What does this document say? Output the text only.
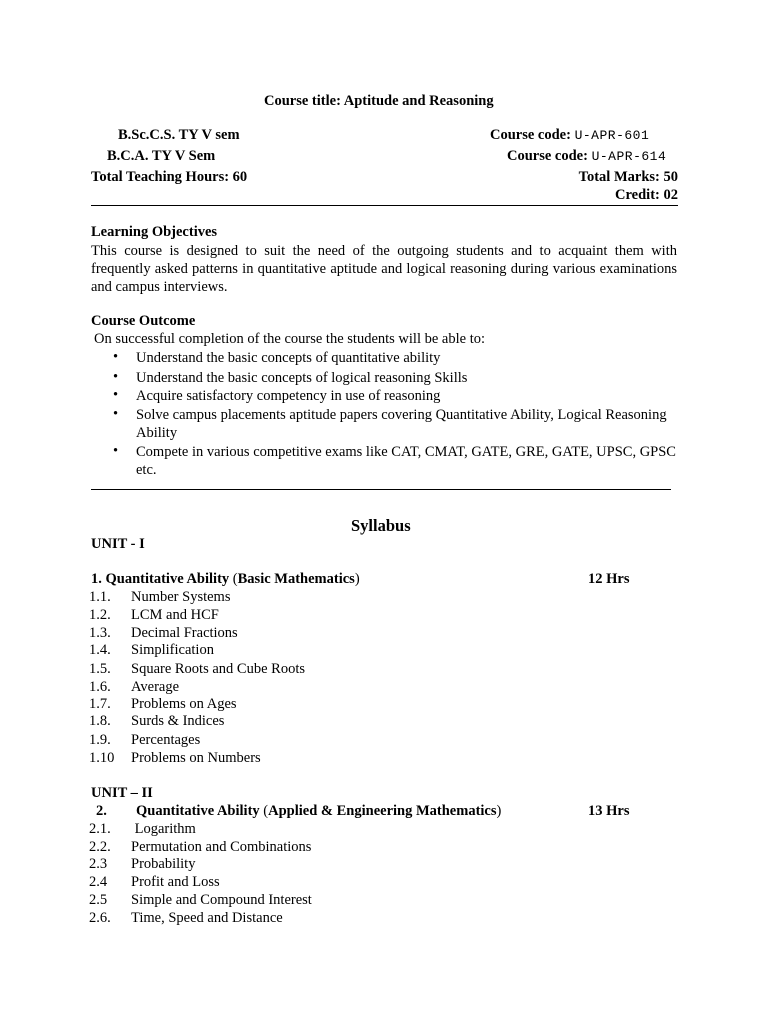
Course title: Aptitude and Reasoning
B.Sc.C.S. TY V sem	Course code: U-APR-601
B.C.A. TY V Sem	Course code: U-APR-614
Total Teaching Hours: 60	Total Marks: 50
Credit: 02
Learning Objectives
This course is designed to suit the need of the outgoing students and to acquaint them with frequently asked patterns in quantitative aptitude and logical reasoning during various examinations and campus interviews.
Course Outcome
On successful completion of the course the students will be able to:
• Understand the basic concepts of quantitative ability
• Understand the basic concepts of logical reasoning Skills
• Acquire satisfactory competency in use of reasoning
• Solve campus placements aptitude papers covering Quantitative Ability, Logical Reasoning Ability
• Compete in various competitive exams like CAT, CMAT, GATE, GRE, GATE, UPSC, GPSC etc.
Syllabus
UNIT - I
1. Quantitative Ability (Basic Mathematics)	12 Hrs
1.1. Number Systems
1.2. LCM and HCF
1.3. Decimal Fractions
1.4. Simplification
1.5. Square Roots and Cube Roots
1.6. Average
1.7. Problems on Ages
1.8. Surds & Indices
1.9. Percentages
1.10 Problems on Numbers
UNIT – II
2. Quantitative Ability (Applied & Engineering Mathematics)	13 Hrs
2.1. Logarithm
2.2. Permutation and Combinations
2.3 Probability
2.4 Profit and Loss
2.5 Simple and Compound Interest
2.6. Time, Speed and Distance
